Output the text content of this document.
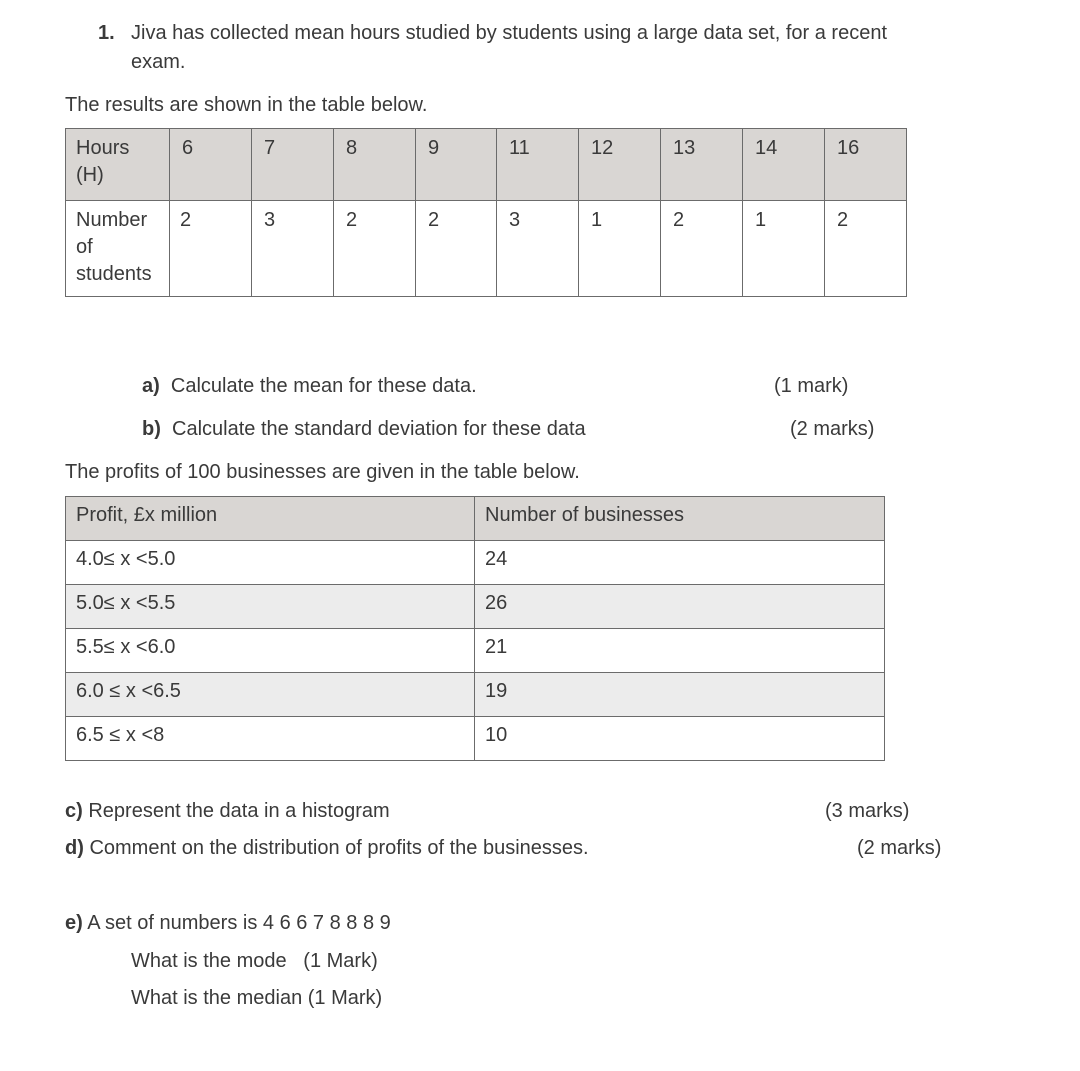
1. Jiva has collected mean hours studied by students using a large data set, for a recent
exam.
The results are shown in the table below.
Hours
(H)	6	7	8	9	11	12	13	14	16

Number
of
students	2	3	2	2	3	1	2	1	2
a) Calculate the mean for these data.	(1 mark)
b) Calculate the standard deviation for these data	(2 marks)
The profits of 100 businesses are given in the table below.
Profit, £x million	Number of businesses
4.0≤ x <5.0	24
5.0≤ x <5.5	26
5.5≤ x <6.0	21
6.0 ≤ x <6.5	19
6.5 ≤ x <8	10
c) Represent the data in a histogram	(3 marks)
d) Comment on the distribution of profits of the businesses.	(2 marks)
e) A set of numbers is 4 6 6 7 8 8 8 9
What is the mode   (1 Mark)
What is the median (1 Mark)
